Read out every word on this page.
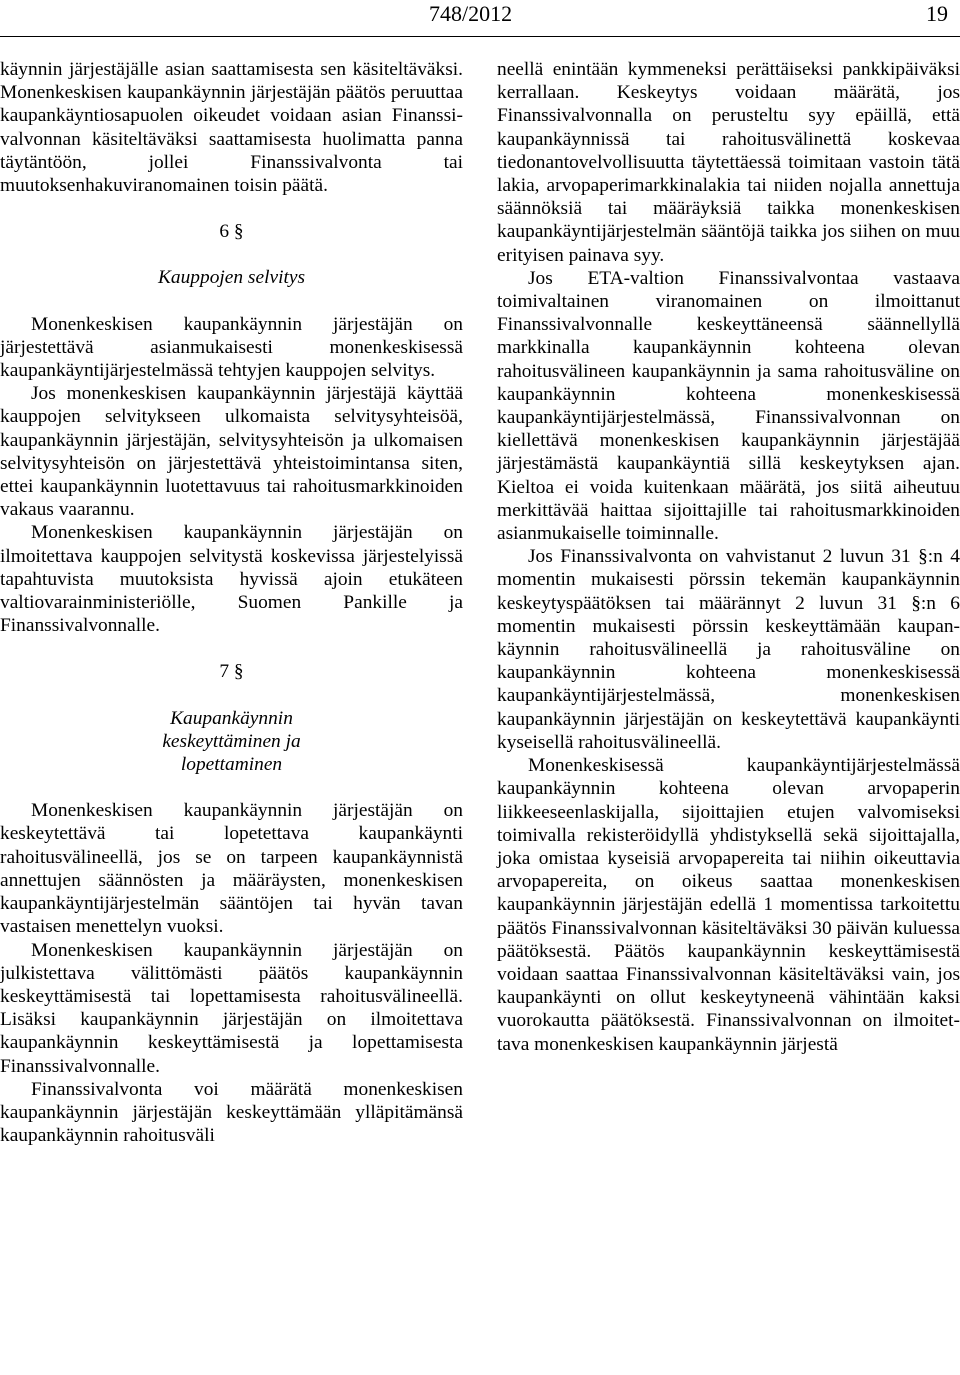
748/2012	19

käynnin järjestäjälle asian saattamisesta sen käsiteltäväksi. Monenkeskisen kaupankäynnin järjestäjän päätös peruuttaa kaupankäyntiosapuolen oikeudet voidaan asian Finanssivalvonnan käsiteltäväksi saattamisesta huolimatta panna täytäntöön, jollei Finanssivalvonta tai muutoksenhakuviranomainen toisin päätä.

6 §
Kauppojen selvitys

Monenkeskisen kaupankäynnin järjestäjän on järjestettävä asianmukaisesti monenkeskisessä kaupankäyntijärjestelmässä tehtyjen kauppojen selvitys.

Jos monenkeskisen kaupankäynnin järjestäjä käyttää kauppojen selvitykseen ulkomaista selvitysyhteisöä, kaupankäynnin järjestäjän, selvitysyhteisön ja ulkomaisen selvitysyhteisön on järjestettävä yhteistoimintansa siten, ettei kaupankäynnin luotettavuus tai rahoitusmarkkinoiden vakaus vaarannu.

Monenkeskisen kaupankäynnin järjestäjän on ilmoitettava kauppojen selvitystä koskevissa järjestelyissä tapahtuvista muutoksista hyvissä ajoin etukäteen valtiovarainministeriölle, Suomen Pankille ja Finanssivalvonnalle.

7 §
Kaupankäynnin keskeyttäminen ja lopettaminen

Monenkeskisen kaupankäynnin järjestäjän on keskeytettävä tai lopetettava kaupankäynti rahoitusvälineellä, jos se on tarpeen kaupankäynnistä annettujen säännösten ja määräysten, monenkeskisen kaupankäyntijärjestelmän sääntöjen tai hyvän tavan vastaisen menettelyn vuoksi.

Monenkeskisen kaupankäynnin järjestäjän on julkistettava välittömästi päätös kaupankäynnin keskeyttämisestä tai lopettamisesta rahoitusvälineellä. Lisäksi kaupankäynnin järjestäjän on ilmoitettava kaupankäynnin keskeyttämisestä ja lopettamisesta Finanssivalvonnalle.

Finanssivalvonta voi määrätä monenkeskisen kaupankäynnin järjestäjän keskeyttämään ylläpitämänsä kaupankäynnin rahoitusväli

neellä enintään kymmeneksi perättäiseksi pankkipäiväksi kerrallaan. Keskeytys voidaan määrätä, jos Finanssivalvonnalla on perusteltu syy epäillä, että kaupankäynnissä tai rahoitusvälinettä koskevaa tiedonantovelvollisuutta täytettäessä toimitaan vastoin tätä lakia, arvopaperimarkkinalakia tai niiden nojalla annettuja säännöksiä tai määräyksiä taikka monenkeskisen kaupankäyntijärjestelmän sääntöjä taikka jos siihen on muu erityisen painava syy.

Jos ETA-valtion Finanssivalvontaa vastaava toimivaltainen viranomainen on ilmoittanut Finanssivalvonnalle keskeyttäneensä säännellyllä markkinalla kaupankäynnin kohteena olevan rahoitusvälineen kaupankäynnin ja sama rahoitusväline on kaupankäynnin kohteena monenkeskisessä kaupankäyntijärjestelmässä, Finanssivalvonnan on kiellettävä monenkeskisen kaupankäynnin järjestäjää järjestämästä kaupankäyntiä sillä keskeytyksen ajan. Kieltoa ei voida kuitenkaan määrätä, jos siitä aiheutuu merkittävää haittaa sijoittajille tai rahoitusmarkkinoiden asianmukaiselle toiminnalle.

Jos Finanssivalvonta on vahvistanut 2 luvun 31 §:n 4 momentin mukaisesti pörssin tekemän kaupankäynnin keskeytyspäätöksen tai määrännyt 2 luvun 31 §:n 6 momentin mukaisesti pörssin keskeyttämään kaupankäynnin rahoitusvälineellä ja rahoitusväline on kaupankäynnin kohteena monenkeskisessä kaupankäyntijärjestelmässä, monenkeskisen kaupankäynnin järjestäjän on keskeytettävä kaupankäynti kyseisellä rahoitusvälineellä.

Monenkeskisessä kaupankäyntijärjestelmässä kaupankäynnin kohteena olevan arvopaperin liikkeeseenlaskijalla, sijoittajien etujen valvomiseksi toimivalla rekisteröidyllä yhdistyksellä sekä sijoittajalla, joka omistaa kyseisiä arvopapereita tai niihin oikeuttavia arvopapereita, on oikeus saattaa monenkeskisen kaupankäynnin järjestäjän edellä 1 momentissa tarkoitettu päätös Finanssivalvonnan käsiteltäväksi 30 päivän kuluessa päätöksestä. Päätös kaupankäynnin keskeyttämisestä voidaan saattaa Finanssivalvonnan käsiteltäväksi vain, jos kaupankäynti on ollut keskeytyneenä vähintään kaksi vuorokautta päätöksestä. Finanssivalvonnan on ilmoitettava monenkeskisen kaupankäynnin järjestä
